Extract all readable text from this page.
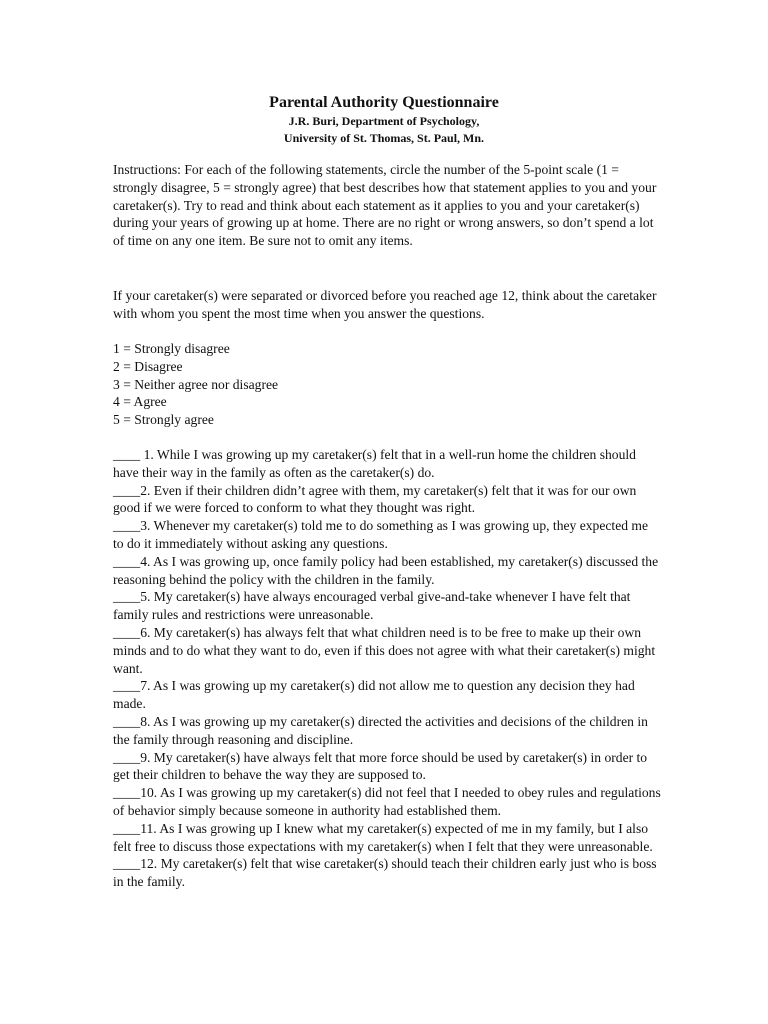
Parental Authority Questionnaire
J.R. Buri, Department of Psychology,
University of St. Thomas, St. Paul, Mn.
Instructions: For each of the following statements, circle the number of the 5-point scale (1 = strongly disagree, 5 = strongly agree) that best describes how that statement applies to you and your caretaker(s). Try to read and think about each statement as it applies to you and your caretaker(s) during your years of growing up at home. There are no right or wrong answers, so don’t spend a lot of time on any one item. Be sure not to omit any items.
If your caretaker(s) were separated or divorced before you reached age 12, think about the caretaker with whom you spent the most time when you answer the questions.
1 = Strongly disagree
2 = Disagree
3 = Neither agree nor disagree
4 = Agree
5 = Strongly agree

____ 1. While I was growing up my caretaker(s) felt that in a well-run home the children should have their way in the family as often as the caretaker(s) do.

____2. Even if their children didn’t agree with them, my caretaker(s) felt that it was for our own good if we were forced to conform to what they thought was right.

____3. Whenever my caretaker(s) told me to do something as I was growing up, they expected me to do it immediately without asking any questions.

____4. As I was growing up, once family policy had been established, my caretaker(s) discussed the reasoning behind the policy with the children in the family.

____5. My caretaker(s) have always encouraged verbal give-and-take whenever I have felt that family rules and restrictions were unreasonable.

____6. My caretaker(s) has always felt that what children need is to be free to make up their own minds and to do what they want to do, even if this does not agree with what their caretaker(s) might want.

____7. As I was growing up my caretaker(s) did not allow me to question any decision they had made.

____8. As I was growing up my caretaker(s) directed the activities and decisions of the children in the family through reasoning and discipline.

____9. My caretaker(s) have always felt that more force should be used by caretaker(s) in order to get their children to behave the way they are supposed to.

____10. As I was growing up my caretaker(s) did not feel that I needed to obey rules and regulations of behavior simply because someone in authority had established them.

____11. As I was growing up I knew what my caretaker(s) expected of me in my family, but I also felt free to discuss those expectations with my caretaker(s) when I felt that they were unreasonable.

____12. My caretaker(s) felt that wise caretaker(s) should teach their children early just who is boss in the family.
